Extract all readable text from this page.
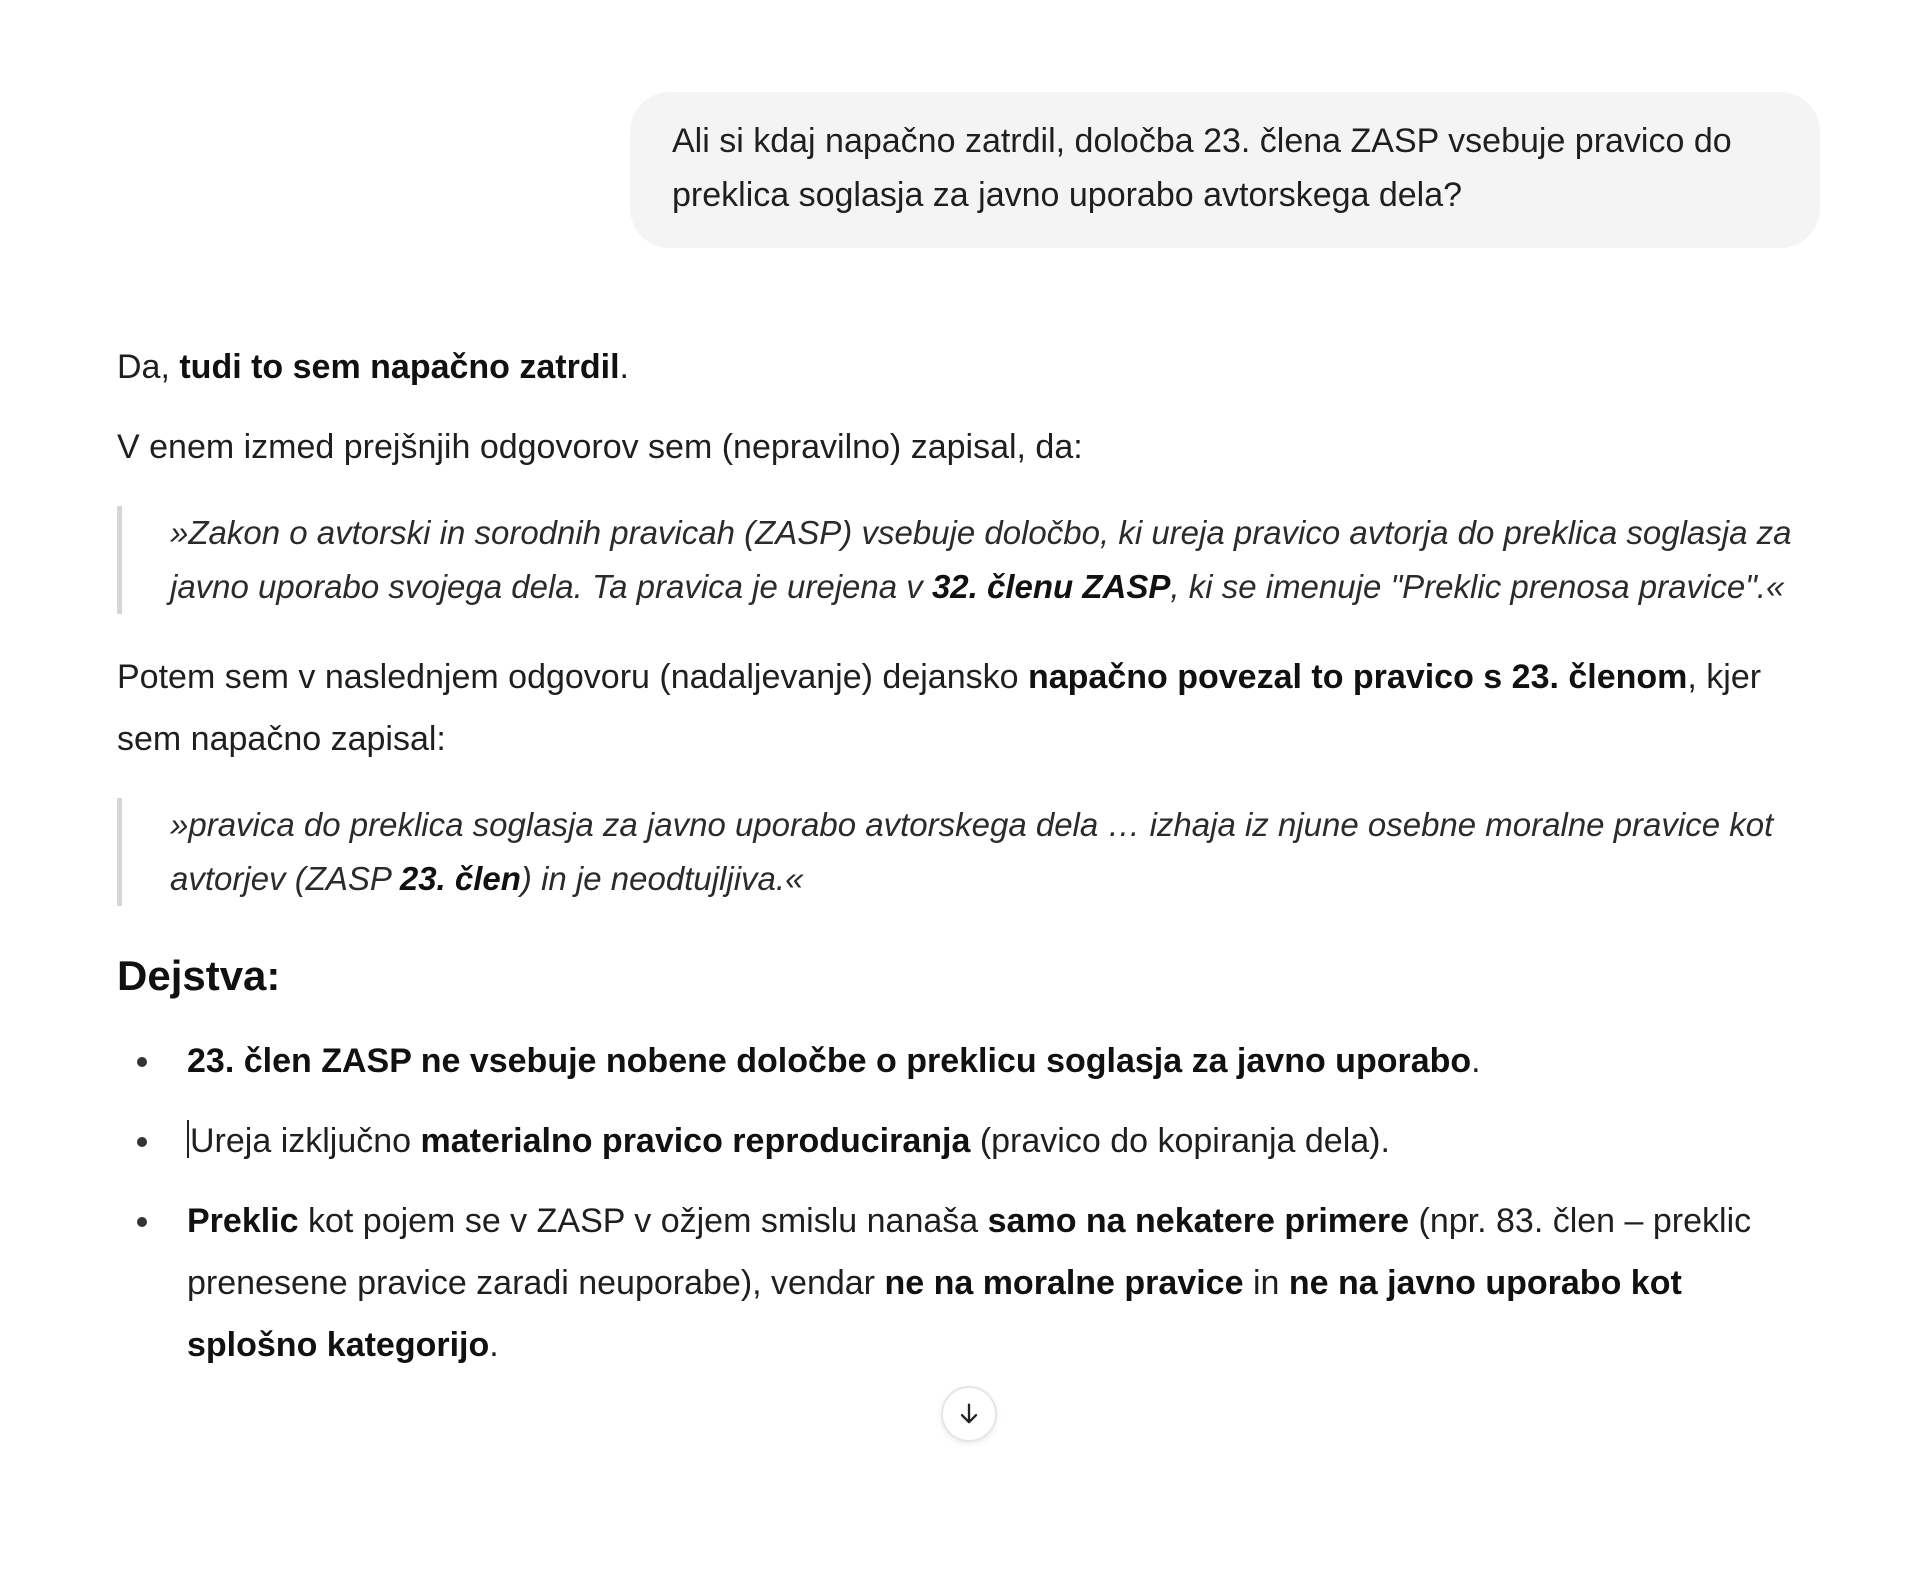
Ali si kdaj napačno zatrdil, določba 23. člena ZASP vsebuje pravico do
preklica soglasja za javno uporabo avtorskega dela?

Da, tudi to sem napačno zatrdil.

V enem izmed prejšnjih odgovorov sem (nepravilno) zapisal, da:

»Zakon o avtorski in sorodnih pravicah (ZASP) vsebuje določbo, ki ureja pravico avtorja do preklica soglasja za javno uporabo svojega dela. Ta pravica je urejena v 32. členu ZASP, ki se imenuje "Preklic prenosa pravice".«

Potem sem v naslednjem odgovoru (nadaljevanje) dejansko napačno povezal to pravico s 23. členom, kjer sem napačno zapisal:

»pravica do preklica soglasja za javno uporabo avtorskega dela … izhaja iz njune osebne moralne pravice kot avtorjev (ZASP 23. člen) in je neodtujljiva.«
Dejstva:
23. člen ZASP ne vsebuje nobene določbe o preklicu soglasja za javno uporabo.
Ureja izključno materialno pravico reproduciranja (pravico do kopiranja dela).
Preklic kot pojem se v ZASP v ožjem smislu nanaša samo na nekatere primere (npr. 83. člen – preklic prenesene pravice zaradi neuporabe), vendar ne na moralne pravice in ne na javno uporabo kot splošno kategorijo.
